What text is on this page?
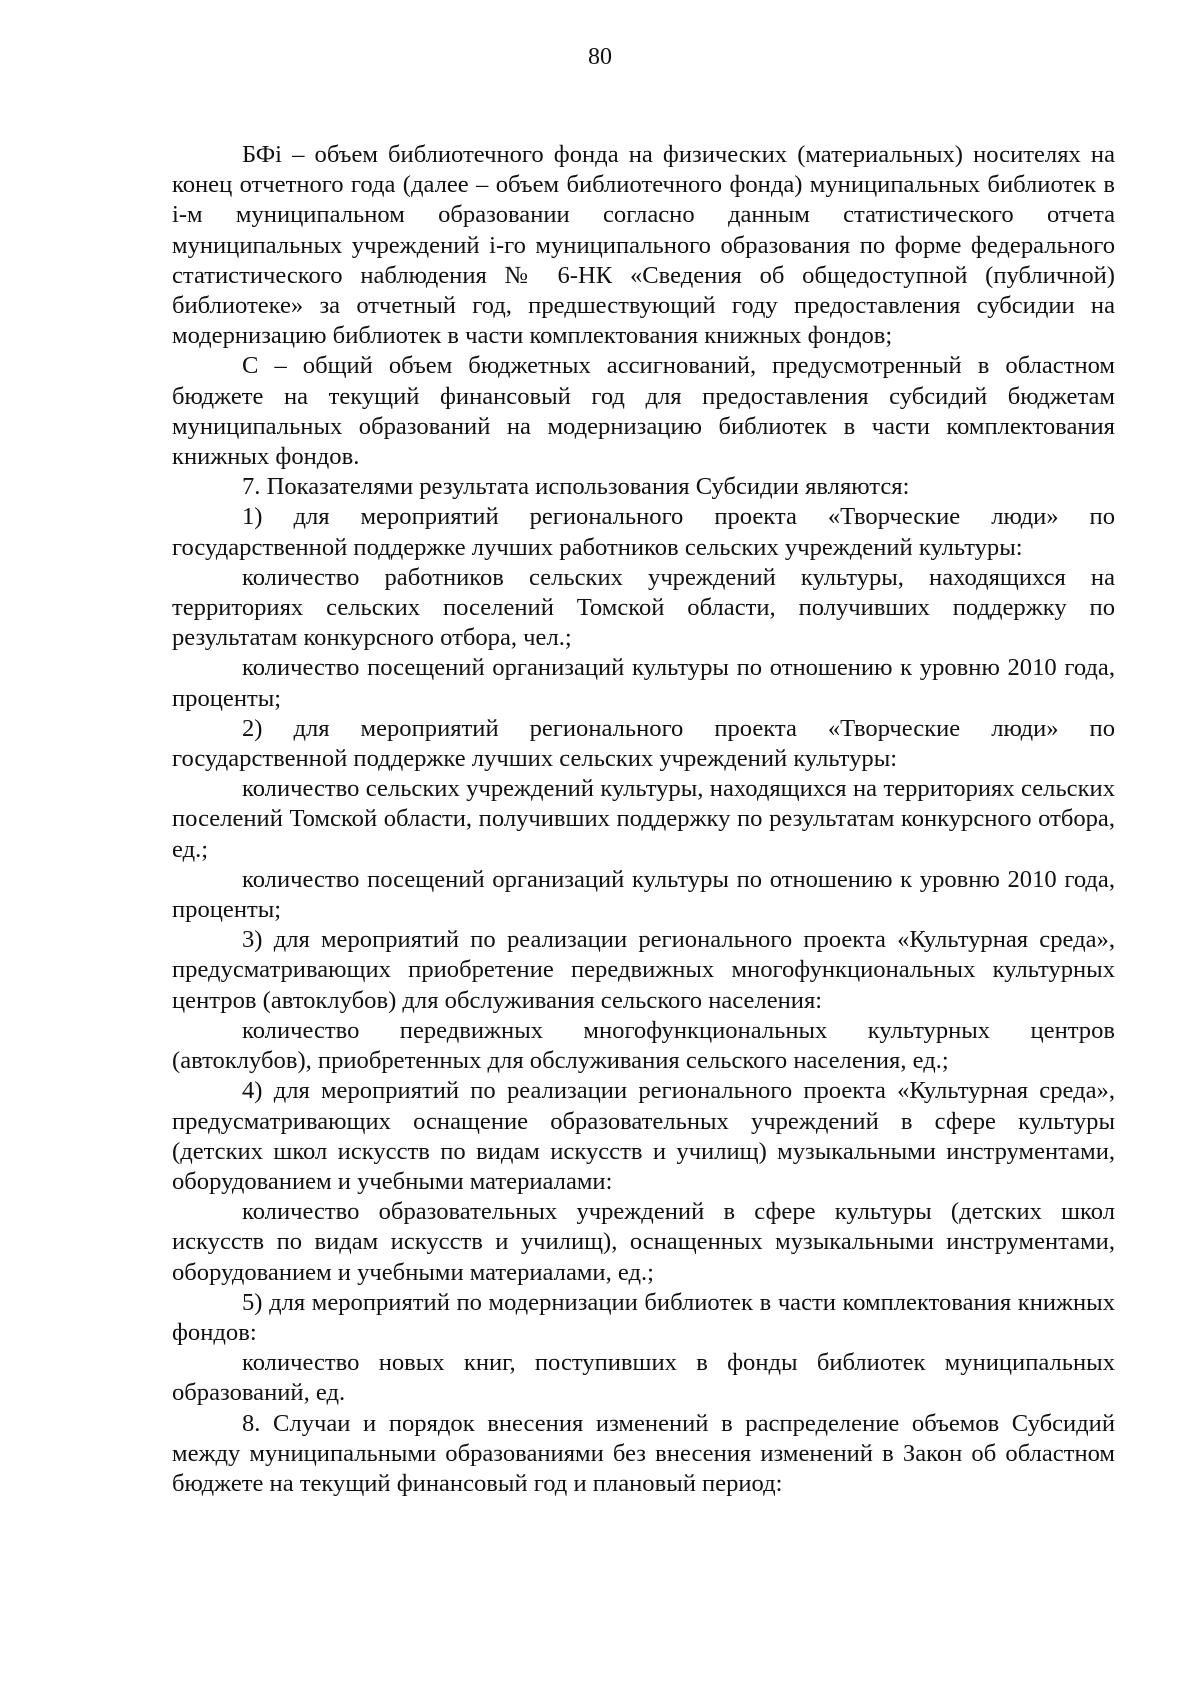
80

БФi – объем библиотечного фонда на физических (материальных) носителях на конец отчетного года (далее – объем библиотечного фонда) муниципальных библиотек в i-м муниципальном образовании согласно данным статистического отчета муниципальных учреждений i-го муниципального образования по форме федерального статистического наблюдения № 6-НК «Сведения об общедоступной (публичной) библиотеке» за отчетный год, предшествующий году предоставления субсидии на модернизацию библиотек в части комплектования книжных фондов;

С – общий объем бюджетных ассигнований, предусмотренный в областном бюджете на текущий финансовый год для предоставления субсидий бюджетам муниципальных образований на модернизацию библиотек в части комплектования книжных фондов.

7. Показателями результата использования Субсидии являются:

1) для мероприятий регионального проекта «Творческие люди» по государственной поддержке лучших работников сельских учреждений культуры:

количество работников сельских учреждений культуры, находящихся на территориях сельских поселений Томской области, получивших поддержку по результатам конкурсного отбора, чел.;

количество посещений организаций культуры по отношению к уровню 2010 года, проценты;

2) для мероприятий регионального проекта «Творческие люди» по государственной поддержке лучших сельских учреждений культуры:

количество сельских учреждений культуры, находящихся на территориях сельских поселений Томской области, получивших поддержку по результатам конкурсного отбора, ед.;

количество посещений организаций культуры по отношению к уровню 2010 года, проценты;

3) для мероприятий по реализации регионального проекта «Культурная среда», предусматривающих приобретение передвижных многофункциональных культурных центров (автоклубов) для обслуживания сельского населения:

количество передвижных многофункциональных культурных центров (автоклубов), приобретенных для обслуживания сельского населения, ед.;

4) для мероприятий по реализации регионального проекта «Культурная среда», предусматривающих оснащение образовательных учреждений в сфере культуры (детских школ искусств по видам искусств и училищ) музыкальными инструментами, оборудованием и учебными материалами:

количество образовательных учреждений в сфере культуры (детских школ искусств по видам искусств и училищ), оснащенных музыкальными инструментами, оборудованием и учебными материалами, ед.;

5) для мероприятий по модернизации библиотек в части комплектования книжных фондов:

количество новых книг, поступивших в фонды библиотек муниципальных образований, ед.

8. Случаи и порядок внесения изменений в распределение объемов Субсидий между муниципальными образованиями без внесения изменений в Закон об областном бюджете на текущий финансовый год и плановый период:
